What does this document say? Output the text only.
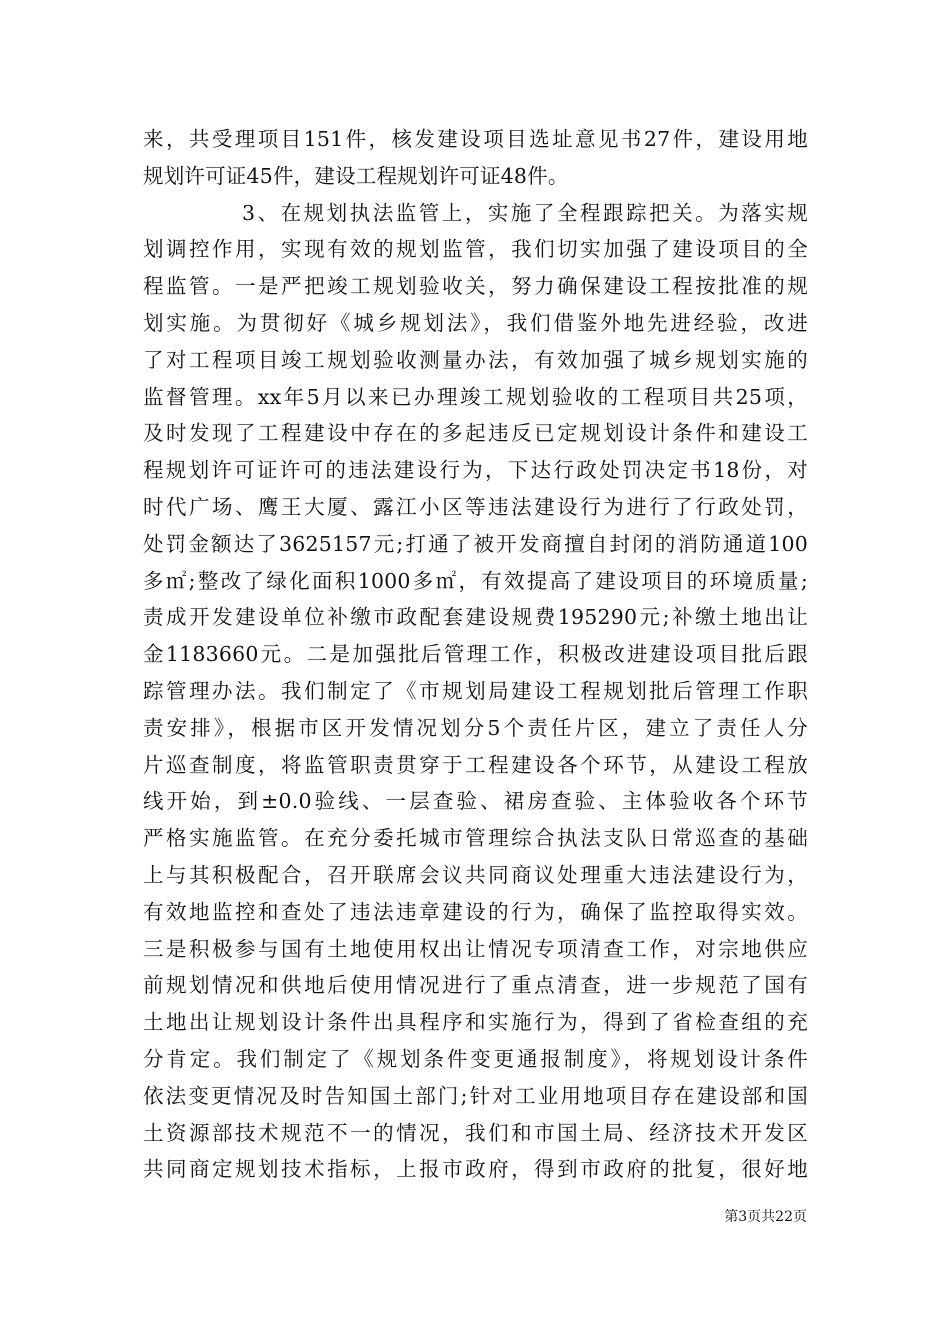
来，共受理项目151件，核发建设项目选址意见书27件，建设用地
规划许可证45件，建设工程规划许可证48件。
3、在规划执法监管上，实施了全程跟踪把关。为落实规
划调控作用，实现有效的规划监管，我们切实加强了建设项目的全
程监管。一是严把竣工规划验收关，努力确保建设工程按批准的规
划实施。为贯彻好《城乡规划法》，我们借鉴外地先进经验，改进
了对工程项目竣工规划验收测量办法，有效加强了城乡规划实施的
监督管理。xx年5月以来已办理竣工规划验收的工程项目共25项，
及时发现了工程建设中存在的多起违反已定规划设计条件和建设工
程规划许可证许可的违法建设行为，下达行政处罚决定书18份，对
时代广场、鹰王大厦、露江小区等违法建设行为进行了行政处罚，
处罚金额达了3625157元;打通了被开发商擅自封闭的消防通道100
多㎡;整改了绿化面积1000多㎡，有效提高了建设项目的环境质量;
责成开发建设单位补缴市政配套建设规费195290元;补缴土地出让
金1183660元。二是加强批后管理工作，积极改进建设项目批后跟
踪管理办法。我们制定了《市规划局建设工程规划批后管理工作职
责安排》，根据市区开发情况划分5个责任片区，建立了责任人分
片巡查制度，将监管职责贯穿于工程建设各个环节，从建设工程放
线开始，到±0.0验线、一层查验、裙房查验、主体验收各个环节
严格实施监管。在充分委托城市管理综合执法支队日常巡查的基础
上与其积极配合，召开联席会议共同商议处理重大违法建设行为，
有效地监控和查处了违法违章建设的行为，确保了监控取得实效。
三是积极参与国有土地使用权出让情况专项清查工作，对宗地供应
前规划情况和供地后使用情况进行了重点清查，进一步规范了国有
土地出让规划设计条件出具程序和实施行为，得到了省检查组的充
分肯定。我们制定了《规划条件变更通报制度》，将规划设计条件
依法变更情况及时告知国土部门;针对工业用地项目存在建设部和国
土资源部技术规范不一的情况，我们和市国土局、经济技术开发区
共同商定规划技术指标，上报市政府，得到市政府的批复，很好地
第3页共22页
